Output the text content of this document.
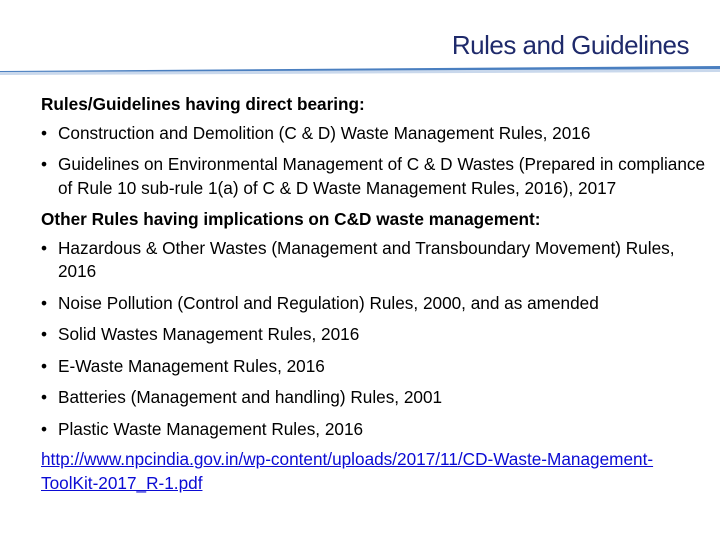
Rules and Guidelines
Rules/Guidelines having direct bearing:
• Construction and Demolition (C & D) Waste Management Rules, 2016
• Guidelines on Environmental Management of C & D Wastes (Prepared in compliance of Rule 10 sub-rule 1(a) of C & D Waste Management Rules, 2016), 2017
Other Rules having implications on C&D waste management:
• Hazardous & Other Wastes (Management and Transboundary Movement) Rules, 2016
• Noise Pollution (Control and Regulation) Rules, 2000, and as amended
• Solid Wastes Management Rules, 2016
• E-Waste Management Rules, 2016
• Batteries (Management and handling) Rules, 2001
• Plastic Waste Management Rules, 2016
http://www.npcindia.gov.in/wp-content/uploads/2017/11/CD-Waste-Management-ToolKit-2017_R-1.pdf
